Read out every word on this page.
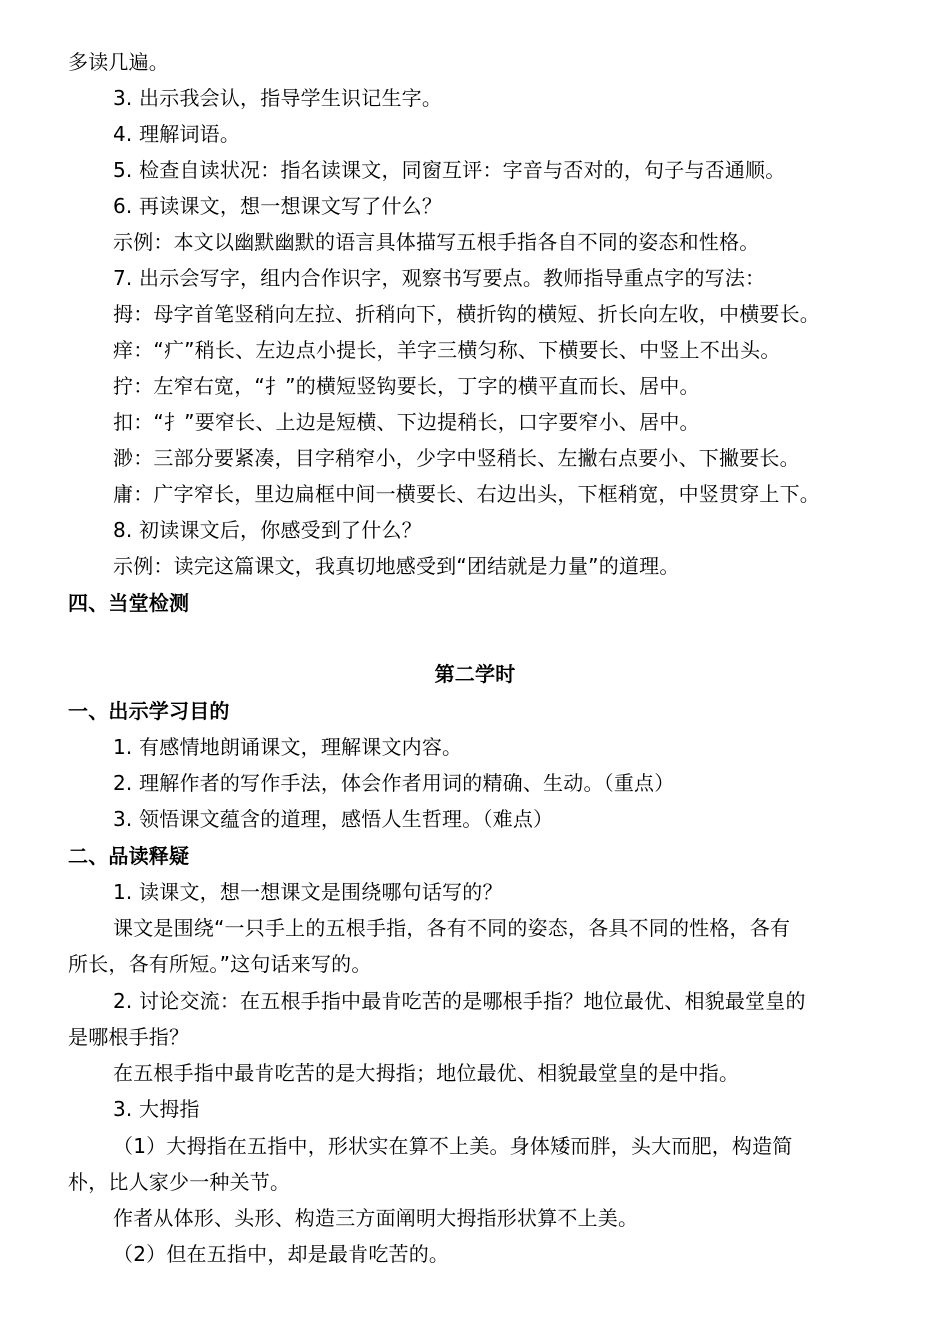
多读几遍。
3. 出示我会认，指导学生识记生字。
4. 理解词语。
5. 检查自读状况：指名读课文，同窗互评：字音与否对的，句子与否通顺。
6. 再读课文，想一想课文写了什么？
示例：本文以幽默幽默的语言具体描写五根手指各自不同的姿态和性格。
7. 出示会写字，组内合作识字，观察书写要点。教师指导重点字的写法：
拇：母字首笔竖稍向左拉、折稍向下，横折钩的横短、折长向左收，中横要长。
痒：“疒”稍长、左边点小提长，羊字三横匀称、下横要长、中竖上不出头。
拧：左窄右宽，“扌”的横短竖钩要长，丁字的横平直而长、居中。
扣：“扌”要窄长、上边是短横、下边提稍长，口字要窄小、居中。
渺：三部分要紧凑，目字稍窄小，少字中竖稍长、左撇右点要小、下撇要长。
庸：广字窄长，里边扁框中间一横要长、右边出头，下框稍宽，中竖贯穿上下。
8. 初读课文后，你感受到了什么？
示例：读完这篇课文，我真切地感受到“团结就是力量”的道理。
四、当堂检测
第二学时
一、出示学习目的
1. 有感情地朗诵课文，理解课文内容。
2. 理解作者的写作手法，体会作者用词的精确、生动。（重点）
3. 领悟课文蕴含的道理，感悟人生哲理。（难点）
二、品读释疑
1. 读课文，想一想课文是围绕哪句话写的？
课文是围绕“一只手上的五根手指，各有不同的姿态，各具不同的性格，各有
所长，各有所短。”这句话来写的。
2. 讨论交流：在五根手指中最肯吃苦的是哪根手指？地位最优、相貌最堂皇的
是哪根手指？
在五根手指中最肯吃苦的是大拇指；地位最优、相貌最堂皇的是中指。
3. 大拇指
（1）大拇指在五指中，形状实在算不上美。身体矮而胖，头大而肥，构造简
朴，比人家少一种关节。
作者从体形、头形、构造三方面阐明大拇指形状算不上美。
（2）但在五指中，却是最肯吃苦的。
